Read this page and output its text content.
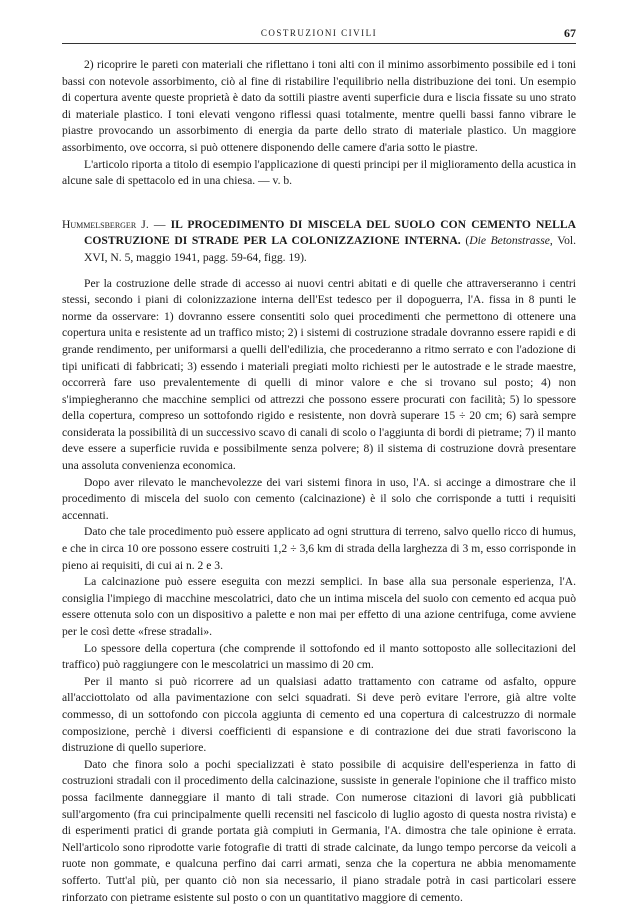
COSTRUZIONI CIVILI	67

2) ricoprire le pareti con materiali che riflettano i toni alti con il minimo assorbimento possibile ed i toni bassi con notevole assorbimento, ciò al fine di ristabilire l'equilibrio nella distribuzione dei toni. Un esempio di copertura avente queste proprietà è dato da sottili piastre aventi superficie dura e liscia fissate su uno strato di materiale plastico. I toni elevati vengono riflessi quasi totalmente, mentre quelli bassi fanno vibrare le piastre provocando un assorbimento di energia da parte dello strato di materiale plastico. Un maggiore assorbimento, ove occorra, si può ottenere disponendo delle camere d'aria sotto le piastre.

L'articolo riporta a titolo di esempio l'applicazione di questi principi per il miglioramento della acustica in alcune sale di spettacolo ed in una chiesa. — v. b.

Hummelsberger J. — IL PROCEDIMENTO DI MISCELA DEL SUOLO CON CEMENTO NELLA COSTRUZIONE DI STRADE PER LA COLONIZZAZIONE INTERNA. (Die Betonstrasse, Vol. XVI, N. 5, maggio 1941, pagg. 59-64, figg. 19).

Per la costruzione delle strade di accesso ai nuovi centri abitati e di quelle che attraverseranno i centri stessi, secondo i piani di colonizzazione interna dell'Est tedesco per il dopoguerra, l'A. fissa in 8 punti le norme da osservare: 1) dovranno essere consentiti solo quei procedimenti che permettono di ottenere una copertura unita e resistente ad un traffico misto; 2) i sistemi di costruzione stradale dovranno essere rapidi e di grande rendimento, per uniformarsi a quelli dell'edilizia, che procederanno a ritmo serrato e con l'adozione di tipi unificati di fabbricati; 3) essendo i materiali pregiati molto richiesti per le autostrade e le strade maestre, occorrerà fare uso prevalentemente di quelli di minor valore e che si trovano sul posto; 4) non s'impiegheranno che macchine semplici od attrezzi che possono essere procurati con facilità; 5) lo spessore della copertura, compreso un sottofondo rigido e resistente, non dovrà superare 15 ÷ 20 cm; 6) sarà sempre considerata la possibilità di un successivo scavo di canali di scolo o l'aggiunta di bordi di pietrame; 7) il manto deve essere a superficie ruvida e possibilmente senza polvere; 8) il sistema di costruzione dovrà presentare una assoluta convenienza economica.

Dopo aver rilevato le manchevolezze dei vari sistemi finora in uso, l'A. si accinge a dimostrare che il procedimento di miscela del suolo con cemento (calcinazione) è il solo che corrisponde a tutti i requisiti accennati.

Dato che tale procedimento può essere applicato ad ogni struttura di terreno, salvo quello ricco di humus, e che in circa 10 ore possono essere costruiti 1,2 ÷ 3,6 km di strada della larghezza di 3 m, esso corrisponde in pieno ai requisiti, di cui ai n. 2 e 3.

La calcinazione può essere eseguita con mezzi semplici. In base alla sua personale esperienza, l'A. consiglia l'impiego di macchine mescolatrici, dato che un intima miscela del suolo con cemento ed acqua può essere ottenuta solo con un dispositivo a palette e non mai per effetto di una azione centrifuga, come avviene per le così dette «frese stradali».

Lo spessore della copertura (che comprende il sottofondo ed il manto sottoposto alle sollecitazioni del traffico) può raggiungere con le mescolatrici un massimo di 20 cm.

Per il manto si può ricorrere ad un qualsiasi adatto trattamento con catrame od asfalto, oppure all'acciottolato od alla pavimentazione con selci squadrati. Si deve però evitare l'errore, già altre volte commesso, di un sottofondo con piccola aggiunta di cemento ed una copertura di calcestruzzo di normale composizione, perchè i diversi coefficienti di espansione e di contrazione dei due strati favoriscono la distruzione di quello superiore.

Dato che finora solo a pochi specializzati è stato possibile di acquisire dell'esperienza in fatto di costruzioni stradali con il procedimento della calcinazione, sussiste in generale l'opinione che il traffico misto possa facilmente danneggiare il manto di tali strade. Con numerose citazioni di lavori già pubblicati sull'argomento (fra cui principalmente quelli recensiti nel fascicolo di luglio agosto di questa nostra rivista) e di esperimenti pratici di grande portata già compiuti in Germania, l'A. dimostra che tale opinione è errata. Nell'articolo sono riprodotte varie fotografie di tratti di strade calcinate, da lungo tempo percorse da veicoli a ruote non gommate, e qualcuna perfino dai carri armati, senza che la copertura ne abbia menomamente sofferto. Tutt'al più, per quanto ciò non sia necessario, il piano stradale potrà in casi particolari essere rinforzato con pietrame esistente sul posto o con un quantitativo maggiore di cemento.
